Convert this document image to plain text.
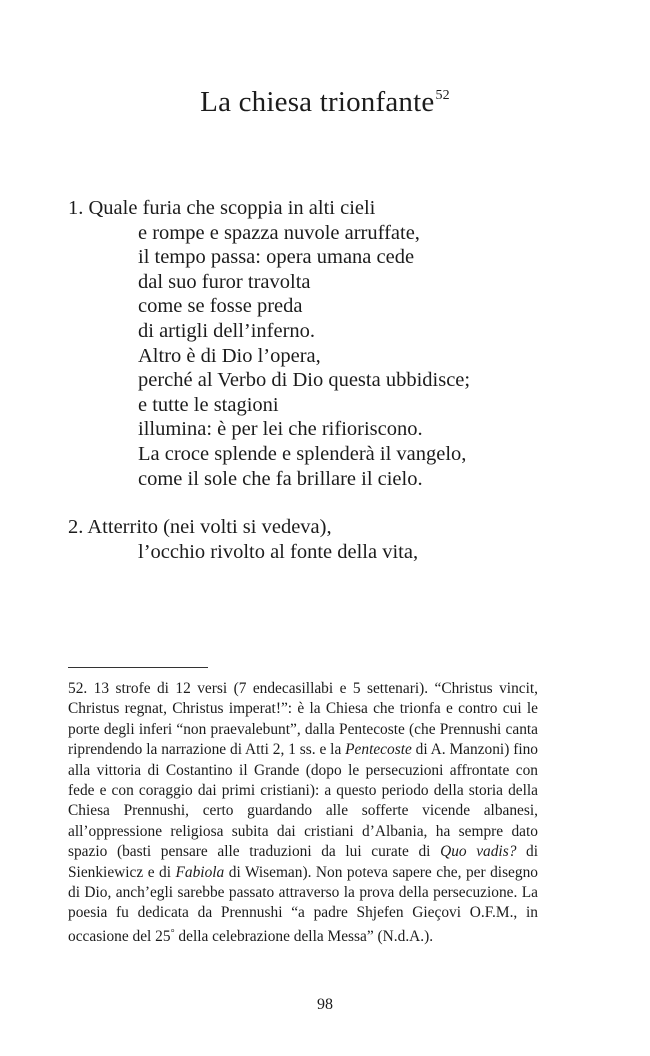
La chiesa trionfante$^{52}$
1. Quale furia che scoppia in alti cieli
e rompe e spazza nuvole arruffate,
il tempo passa: opera umana cede
dal suo furor travolta
come se fosse preda
di artigli dell’inferno.
Altro è di Dio l’opera,
perché al Verbo di Dio questa ubbidisce;
e tutte le stagioni
illumina: è per lei che rifioriscono.
La croce splende e splenderà il vangelo,
come il sole che fa brillare il cielo.
2. Atterrito (nei volti si vedeva),
l’occhio rivolto al fonte della vita,

52. 13 strofe di 12 versi (7 endecasillabi e 5 settenari). “Christus vincit, Christus regnat, Christus imperat!”: è la Chiesa che trionfa e contro cui le porte degli inferi “non praevalebunt”, dalla Pentecoste (che Prennushi canta riprendendo la narrazione di Atti 2, 1 ss. e la Pentecoste di A. Manzoni) fino alla vittoria di Costantino il Grande (dopo le persecuzioni affrontate con fede e con coraggio dai primi cristiani): a questo periodo della storia della Chiesa Prennushi, certo guardando alle sofferte vicende albanesi, all’oppressione religiosa subita dai cristiani d’Albania, ha sempre dato spazio (basti pensare alle traduzioni da lui curate di Quo vadis? di Sienkiewicz e di Fabiola di Wiseman). Non poteva sapere che, per disegno di Dio, anch’egli sarebbe passato attraverso la prova della persecuzione. La poesia fu dedicata da Prennushi “a padre Shjefen Gieçovi O.F.M., in occasione del 25° della celebrazione della Messa” (N.d.A.).

98
